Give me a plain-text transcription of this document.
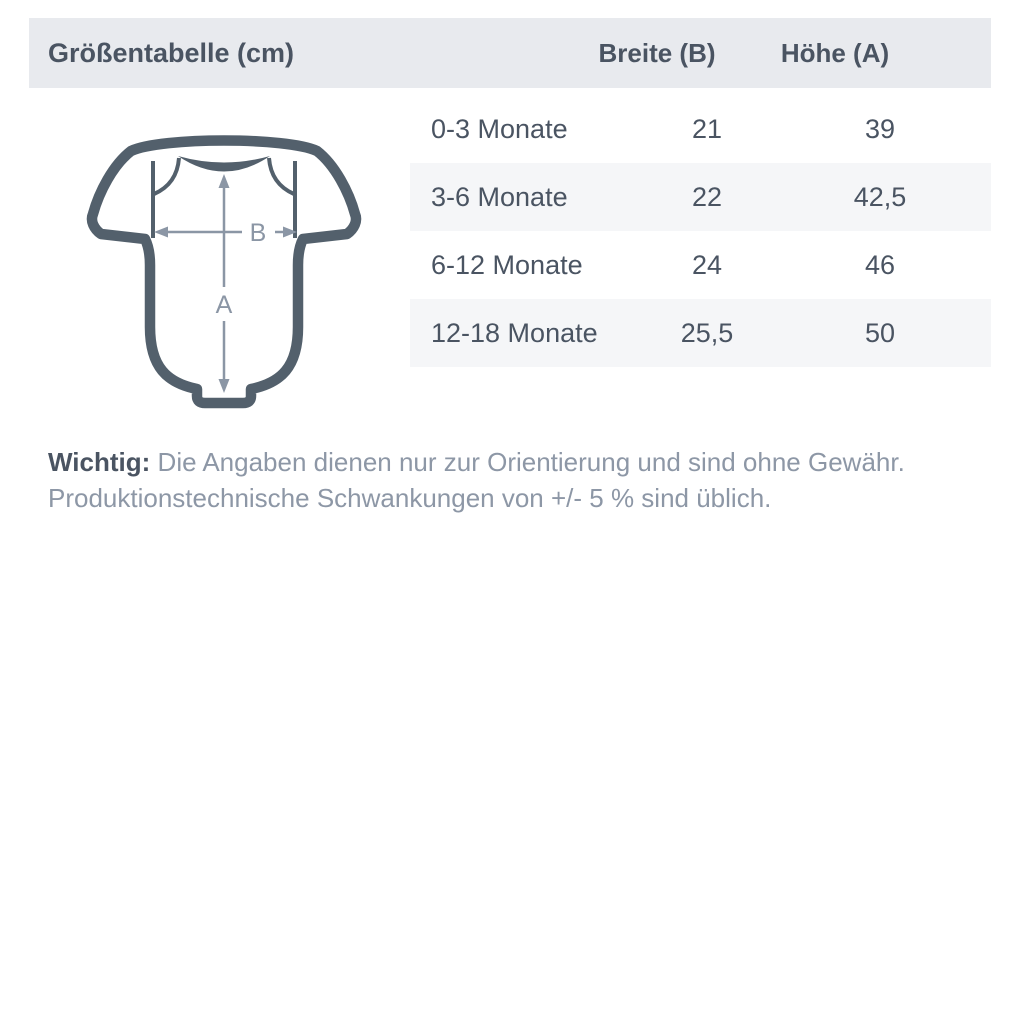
Größentabelle (cm)	Breite (B)	Höhe (A)
0-3 Monate	21	39
3-6 Monate	22	42,5
6-12 Monate	24	46
12-18 Monate	25,5	50
A
B
Wichtig: Die Angaben dienen nur zur Orientierung und sind ohne Gewähr.
Produktionstechnische Schwankungen von +/- 5 % sind üblich.
